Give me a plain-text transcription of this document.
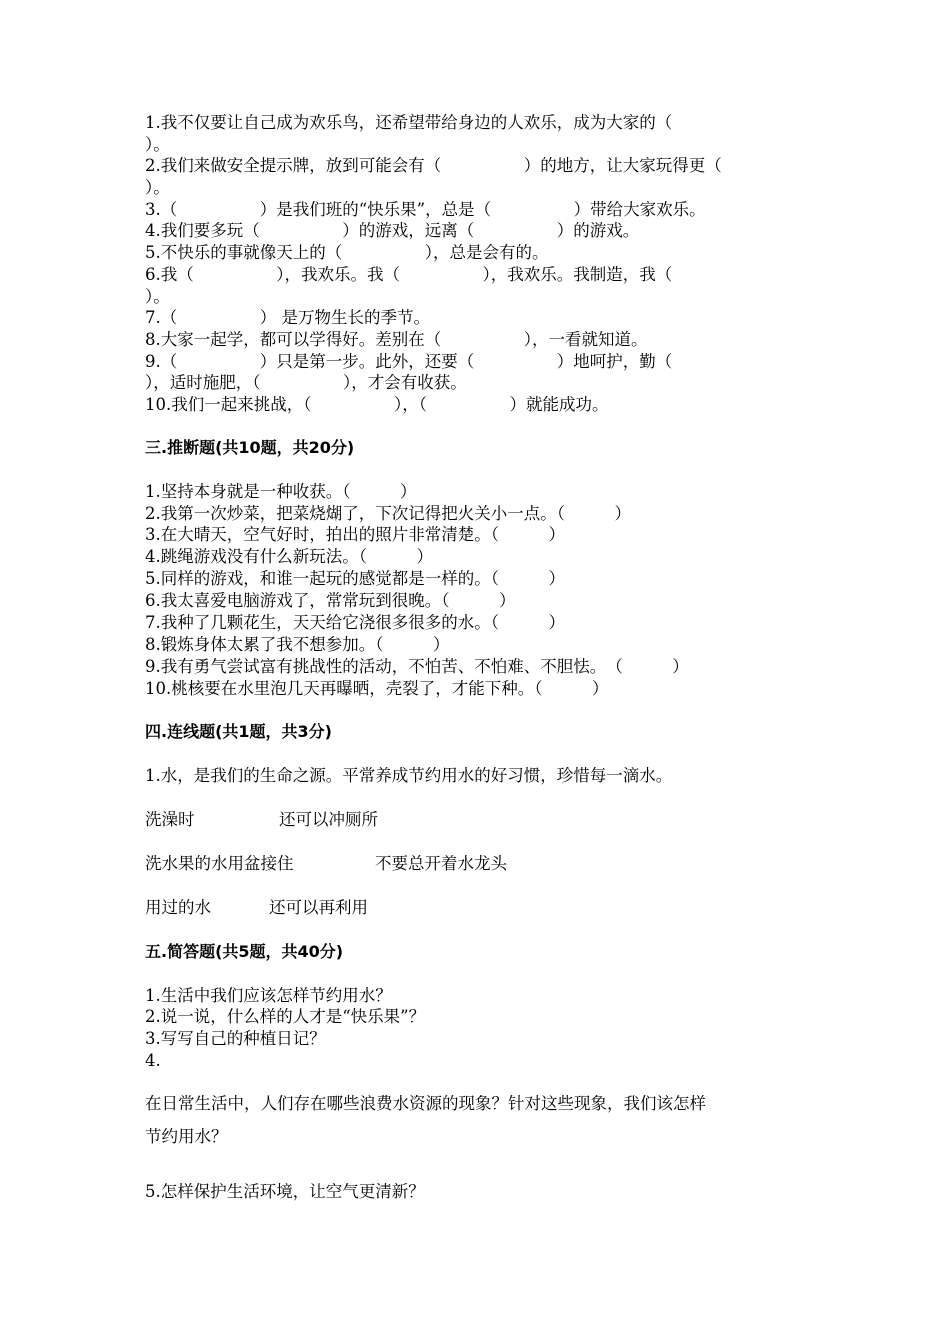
1.我不仅要让自己成为欢乐鸟，还希望带给身边的人欢乐，成为大家的（
）。
2.我们来做安全提示牌，放到可能会有（　　　　　）的地方，让大家玩得更（
）。
3.（　　　　　）是我们班的“快乐果”，总是（　　　　　）带给大家欢乐。
4.我们要多玩（　　　　　）的游戏，远离（　　　　　）的游戏。
5.不快乐的事就像天上的（　　　　　），总是会有的。
6.我（　　　　　），我欢乐。我（　　　　　），我欢乐。我制造，我（
）。
7.（　　　　　） 是万物生长的季节。
8.大家一起学，都可以学得好。差别在（　　　　　），一看就知道。
9.（　　　　　）只是第一步。此外，还要（　　　　　）地呵护，勤（
），适时施肥，（　　　　　），才会有收获。
10.我们一起来挑战，（　　　　　），（　　　　　）就能成功。
三.推断题(共10题，共20分)
1.坚持本身就是一种收获。（　　　）
2.我第一次炒菜，把菜烧煳了，下次记得把火关小一点。（　　　）
3.在大晴天，空气好时，拍出的照片非常清楚。（　　　）
4.跳绳游戏没有什么新玩法。（　　　）
5.同样的游戏，和谁一起玩的感觉都是一样的。（　　　）
6.我太喜爱电脑游戏了，常常玩到很晚。（　　　）
7.我种了几颗花生，天天给它浇很多很多的水。（　　　）
8.锻炼身体太累了我不想参加。（　　　）
9.我有勇气尝试富有挑战性的活动，不怕苦、不怕难、不胆怯。　（　　　）
10.桃核要在水里泡几天再曝晒，壳裂了，才能下种。（　　　）
四.连线题(共1题，共3分)
1.水，是我们的生命之源。平常养成节约用水的好习惯，珍惜每一滴水。
洗澡时	还可以冲厕所
洗水果的水用盆接住	不要总开着水龙头
用过的水	还可以再利用
五.简答题(共5题，共40分)
1.生活中我们应该怎样节约用水？
2.说一说，什么样的人才是“快乐果”？
3.写写自己的种植日记？
4.
在日常生活中，人们存在哪些浪费水资源的现象？针对这些现象，我们该怎样
节约用水？
5.怎样保护生活环境，让空气更清新？
